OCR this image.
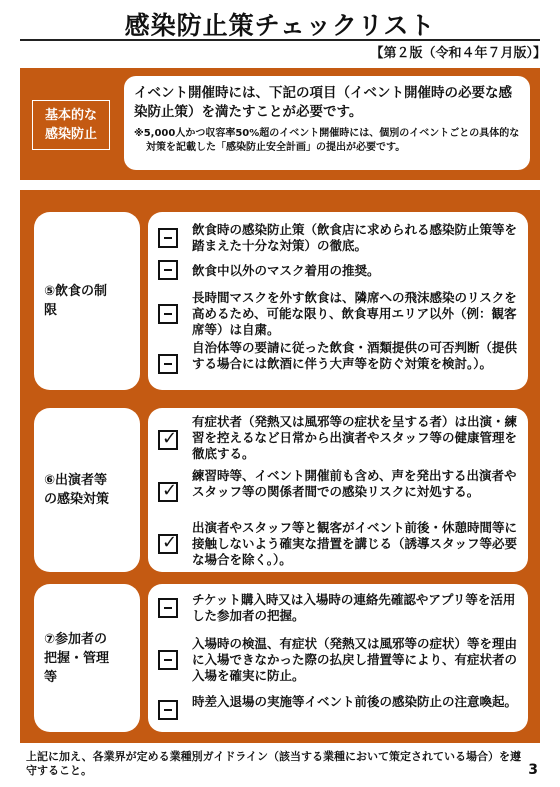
感染防止策チェックリスト
【第２版（令和４年７月版）】
基本的な
感染防止
イベント開催時には、下記の項目（イベント開催時の必要な感染防止策）を満たすことが必要です。
※5,000人かつ収容率50%超のイベント開催時には、個別のイベントごとの具体的な対策を記載した「感染防止安全計画」の提出が必要です。
⑤飲食の制
限
飲食時の感染防止策（飲食店に求められる感染防止策等を踏まえた十分な対策）の徹底。
飲食中以外のマスク着用の推奨。
長時間マスクを外す飲食は、隣席への飛沫感染のリスクを高めるため、可能な限り、飲食専用エリア以外（例：観客席等）は自粛。
自治体等の要請に従った飲食・酒類提供の可否判断（提供する場合には飲酒に伴う大声等を防ぐ対策を検討。）。
⑥出演者等
の感染対策
✓
有症状者（発熱又は風邪等の症状を呈する者）は出演・練習を控えるなど日常から出演者やスタッフ等の健康管理を徹底する。
✓
練習時等、イベント開催前も含め、声を発出する出演者やスタッフ等の関係者間での感染リスクに対処する。
✓
出演者やスタッフ等と観客がイベント前後・休憩時間等に接触しないよう確実な措置を講じる（誘導スタッフ等必要な場合を除く。）。
⑦参加者の
把握・管理
等
チケット購入時又は入場時の連絡先確認やアプリ等を活用した参加者の把握。
入場時の検温、有症状（発熱又は風邪等の症状）等を理由に入場できなかった際の払戻し措置等により、有症状者の入場を確実に防止。
時差入退場の実施等イベント前後の感染防止の注意喚起。
上記に加え、各業界が定める業種別ガイドライン（該当する業種において策定されている場合）を遵守すること。	3
